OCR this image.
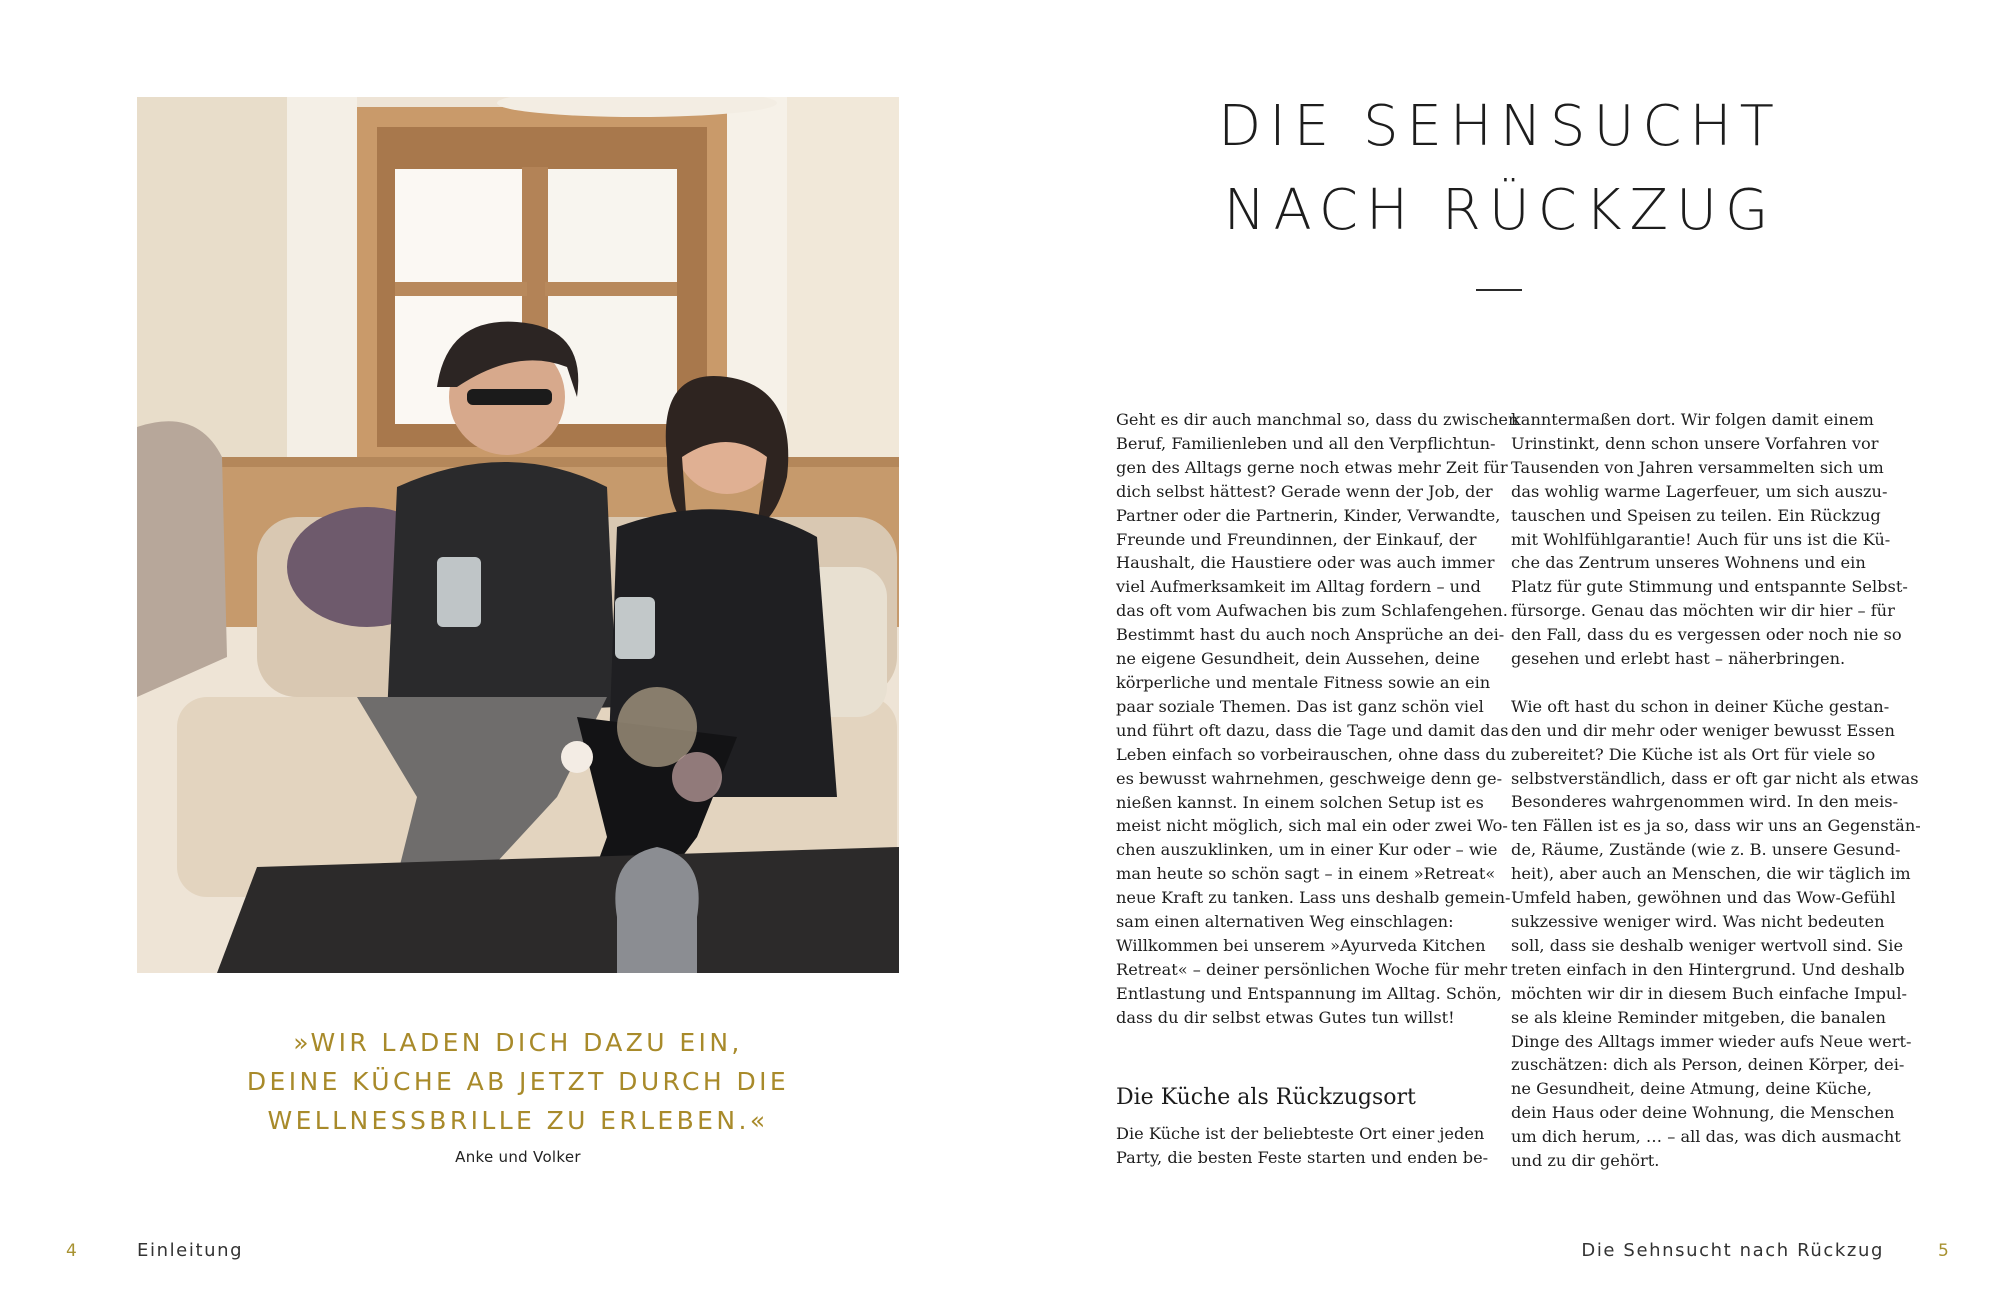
»WIR LADEN DICH DAZU EIN,
DEINE KÜCHE AB JETZT DURCH DIE
WELLNESSBRILLE ZU ERLEBEN.«
Anke und Volker
DIE SEHNSUCHT
NACH RÜCKZUG
Geht es dir auch manchmal so, dass du zwischen
Beruf, Familienleben und all den Verpflichtun-
gen des Alltags gerne noch etwas mehr Zeit für
dich selbst hättest? Gerade wenn der Job, der
Partner oder die Partnerin, Kinder, Verwandte,
Freunde und Freundinnen, der Einkauf, der
Haushalt, die Haustiere oder was auch immer
viel Aufmerksamkeit im Alltag fordern – und
das oft vom Aufwachen bis zum Schlafengehen.
Bestimmt hast du auch noch Ansprüche an dei-
ne eigene Gesundheit, dein Aussehen, deine
körperliche und mentale Fitness sowie an ein
paar soziale Themen. Das ist ganz schön viel
und führt oft dazu, dass die Tage und damit das
Leben einfach so vorbeirauschen, ohne dass du
es bewusst wahrnehmen, geschweige denn ge-
nießen kannst. In einem solchen Setup ist es
meist nicht möglich, sich mal ein oder zwei Wo-
chen auszuklinken, um in einer Kur oder – wie
man heute so schön sagt – in einem »Retreat«
neue Kraft zu tanken. Lass uns deshalb gemein-
sam einen alternativen Weg einschlagen:
Willkommen bei unserem »Ayurveda Kitchen
Retreat« – deiner persönlichen Woche für mehr
Entlastung und Entspannung im Alltag. Schön,
dass du dir selbst etwas Gutes tun willst!
Die Küche als Rückzugsort
Die Küche ist der beliebteste Ort einer jeden
Party, die besten Feste starten und enden be-
kanntermaßen dort. Wir folgen damit einem
Urinstinkt, denn schon unsere Vorfahren vor
Tausenden von Jahren versammelten sich um
das wohlig warme Lagerfeuer, um sich auszu-
tauschen und Speisen zu teilen. Ein Rückzug
mit Wohlfühlgarantie! Auch für uns ist die Kü-
che das Zentrum unseres Wohnens und ein
Platz für gute Stimmung und entspannte Selbst-
fürsorge. Genau das möchten wir dir hier – für
den Fall, dass du es vergessen oder noch nie so
gesehen und erlebt hast – näherbringen.
Wie oft hast du schon in deiner Küche gestan-
den und dir mehr oder weniger bewusst Essen
zubereitet? Die Küche ist als Ort für viele so
selbstverständlich, dass er oft gar nicht als etwas
Besonderes wahrgenommen wird. In den meis-
ten Fällen ist es ja so, dass wir uns an Gegenstän-
de, Räume, Zustände (wie z. B. unsere Gesund-
heit), aber auch an Menschen, die wir täglich im
Umfeld haben, gewöhnen und das Wow-Gefühl
sukzessive weniger wird. Was nicht bedeuten
soll, dass sie deshalb weniger wertvoll sind. Sie
treten einfach in den Hintergrund. Und deshalb
möchten wir dir in diesem Buch einfache Impul-
se als kleine Reminder mitgeben, die banalen
Dinge des Alltags immer wieder aufs Neue wert-
zuschätzen: dich als Person, deinen Körper, dei-
ne Gesundheit, deine Atmung, deine Küche,
dein Haus oder deine Wohnung, die Menschen
um dich herum, … – all das, was dich ausmacht
und zu dir gehört.
4	Einleitung	Die Sehnsucht nach Rückzug	5
